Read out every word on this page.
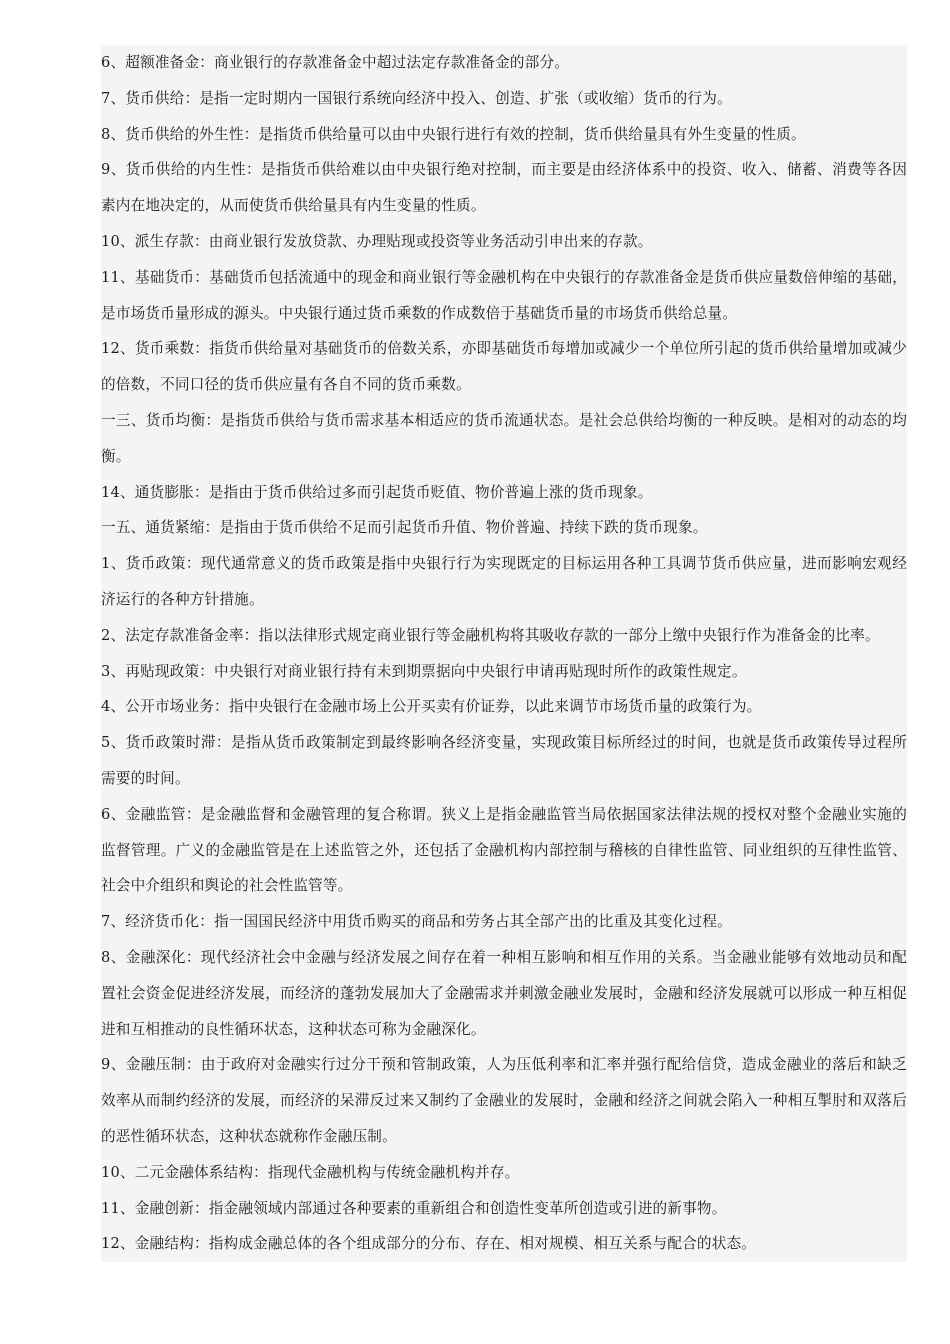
6、超额准备金：商业银行的存款准备金中超过法定存款准备金的部分。

7、货币供给：是指一定时期内一国银行系统向经济中投入、创造、扩张（或收缩）货币的行为。

8、货币供给的外生性：是指货币供给量可以由中央银行进行有效的控制，货币供给量具有外生变量的性质。

9、货币供给的内生性：是指货币供给难以由中央银行绝对控制，而主要是由经济体系中的投资、收入、储蓄、消费等各因素内在地决定的，从而使货币供给量具有内生变量的性质。

10、派生存款：由商业银行发放贷款、办理贴现或投资等业务活动引申出来的存款。

11、基础货币：基础货币包括流通中的现金和商业银行等金融机构在中央银行的存款准备金是货币供应量数倍伸缩的基础，是市场货币量形成的源头。中央银行通过货币乘数的作成数倍于基础货币量的市场货币供给总量。

12、货币乘数：指货币供给量对基础货币的倍数关系，亦即基础货币每增加或减少一个单位所引起的货币供给量增加或减少的倍数，不同口径的货币供应量有各自不同的货币乘数。

一三、货币均衡：是指货币供给与货币需求基本相适应的货币流通状态。是社会总供给均衡的一种反映。是相对的动态的均衡。

14、通货膨胀：是指由于货币供给过多而引起货币贬值、物价普遍上涨的货币现象。

一五、通货紧缩：是指由于货币供给不足而引起货币升值、物价普遍、持续下跌的货币现象。

1、货币政策：现代通常意义的货币政策是指中央银行行为实现既定的目标运用各种工具调节货币供应量，进而影响宏观经济运行的各种方针措施。

2、法定存款准备金率：指以法律形式规定商业银行等金融机构将其吸收存款的一部分上缴中央银行作为准备金的比率。

3、再贴现政策：中央银行对商业银行持有未到期票据向中央银行申请再贴现时所作的政策性规定。

4、公开市场业务：指中央银行在金融市场上公开买卖有价证券，以此来调节市场货币量的政策行为。

5、货币政策时滞：是指从货币政策制定到最终影响各经济变量，实现政策目标所经过的时间，也就是货币政策传导过程所需要的时间。

6、金融监管：是金融监督和金融管理的复合称谓。狭义上是指金融监管当局依据国家法律法规的授权对整个金融业实施的监督管理。广义的金融监管是在上述监管之外，还包括了金融机构内部控制与稽核的自律性监管、同业组织的互律性监管、社会中介组织和舆论的社会性监管等。

7、经济货币化：指一国国民经济中用货币购买的商品和劳务占其全部产出的比重及其变化过程。

8、金融深化：现代经济社会中金融与经济发展之间存在着一种相互影响和相互作用的关系。当金融业能够有效地动员和配置社会资金促进经济发展，而经济的蓬勃发展加大了金融需求并刺激金融业发展时，金融和经济发展就可以形成一种互相促进和互相推动的良性循环状态，这种状态可称为金融深化。

9、金融压制：由于政府对金融实行过分干预和管制政策，人为压低利率和汇率并强行配给信贷，造成金融业的落后和缺乏效率从而制约经济的发展，而经济的呆滞反过来又制约了金融业的发展时，金融和经济之间就会陷入一种相互掣肘和双落后的恶性循环状态，这种状态就称作金融压制。

10、二元金融体系结构：指现代金融机构与传统金融机构并存。

11、金融创新：指金融领域内部通过各种要素的重新组合和创造性变革所创造或引进的新事物。

12、金融结构：指构成金融总体的各个组成部分的分布、存在、相对规模、相互关系与配合的状态。
